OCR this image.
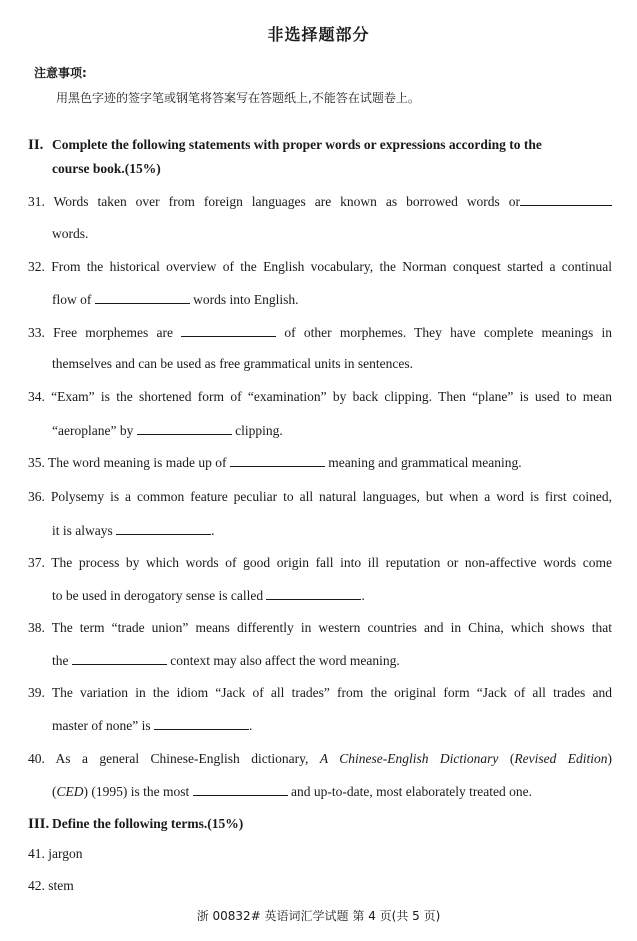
非选择题部分
注意事项:
用黑色字迹的签字笔或钢笔将答案写在答题纸上,不能答在试题卷上。
II. Complete the following statements with proper words or expressions according to the
course book.(15%)
31. Words taken over from foreign languages are known as borrowed words or
words.
32. From the historical overview of the English vocabulary, the Norman conquest started a continual
flow of	words into English.
33. Free morphemes are	of other morphemes. They have complete meanings in
themselves and can be used as free grammatical units in sentences.
34. “Exam” is the shortened form of “examination” by back clipping. Then “plane” is used to mean
“aeroplane” by	clipping.
35. The word meaning is made up of	meaning and grammatical meaning.
36. Polysemy is a common feature peculiar to all natural languages, but when a word is first coined,
it is always	.
37. The process by which words of good origin fall into ill reputation or non-affective words come
to be used in derogatory sense is called	.
38. The term “trade union” means differently in western countries and in China, which shows that
the	context may also affect the word meaning.
39. The variation in the idiom “Jack of all trades” from the original form “Jack of all trades and
master of none” is	.
40. As a general Chinese-English dictionary, A Chinese-English Dictionary (Revised Edition)
(CED) (1995) is the most	and up-to-date, most elaborately treated one.
III. Define the following terms.(15%)
41. jargon
42. stem
浙 00832# 英语词汇学试题 第 4 页(共 5 页)
